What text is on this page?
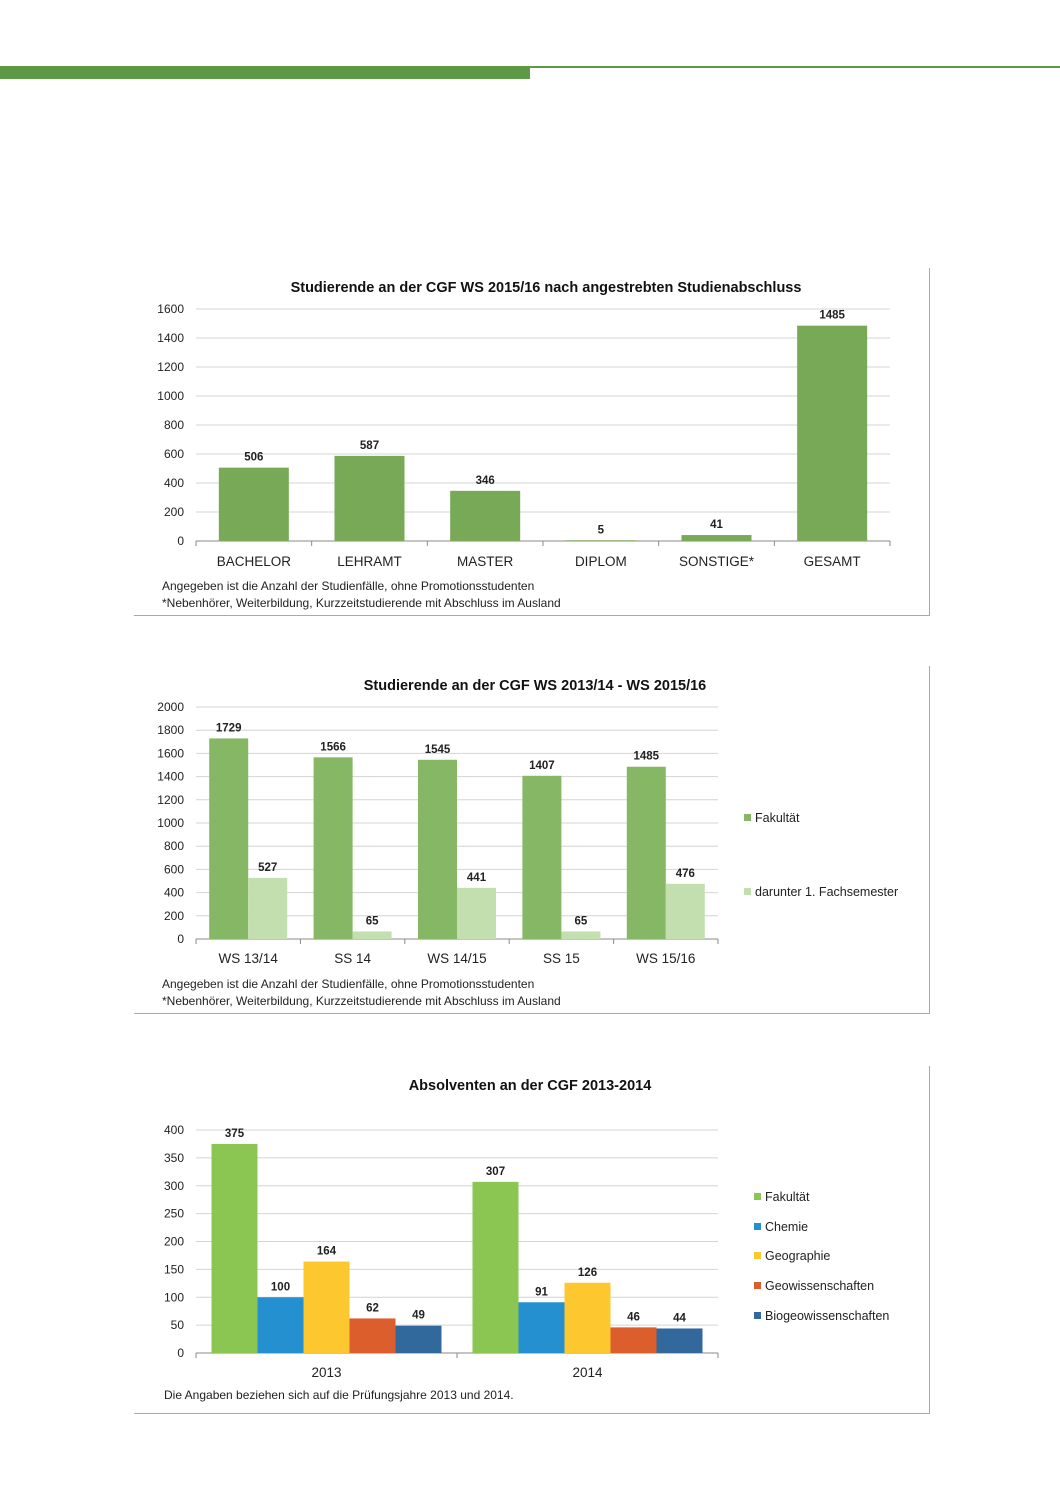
Studierende an der CGF WS 2015/16 nach angestrebten Studienabschluss
0
200
400
600
800
1000
1200
1400
1600
BACHELOR	LEHRAMT	MASTER	DIPLOM	SONSTIGE*	GESAMT
506
587
346
5	41
1485
Angegeben ist die Anzahl der Studienfälle, ohne Promotionsstudenten
*Nebenhörer, Weiterbildung, Kurzzeitstudierende mit Abschluss im Ausland
Studierende an der CGF WS 2013/14 - WS 2015/16
0
200
400
600
800
1000
1200
1400
1600
1800
2000
WS 13/14	SS 14	WS 14/15	SS 15	WS 15/16
1729
1566	1545
1407
1485
527
65
441
65
476
Fakultät
darunter 1. Fachsemester
Angegeben ist die Anzahl der Studienfälle, ohne Promotionsstudenten
*Nebenhörer, Weiterbildung, Kurzzeitstudierende mit Abschluss im Ausland
Absolventen an der CGF 2013-2014
0
50
100
150
200
250
300
350
400
2013	2014
375
307
100	91
164
126
62
46
49	44
Fakultät
Chemie
Geographie
Geowissenschaften
Biogeowissenschaften
Die Angaben beziehen sich auf die Prüfungsjahre 2013 und 2014.
